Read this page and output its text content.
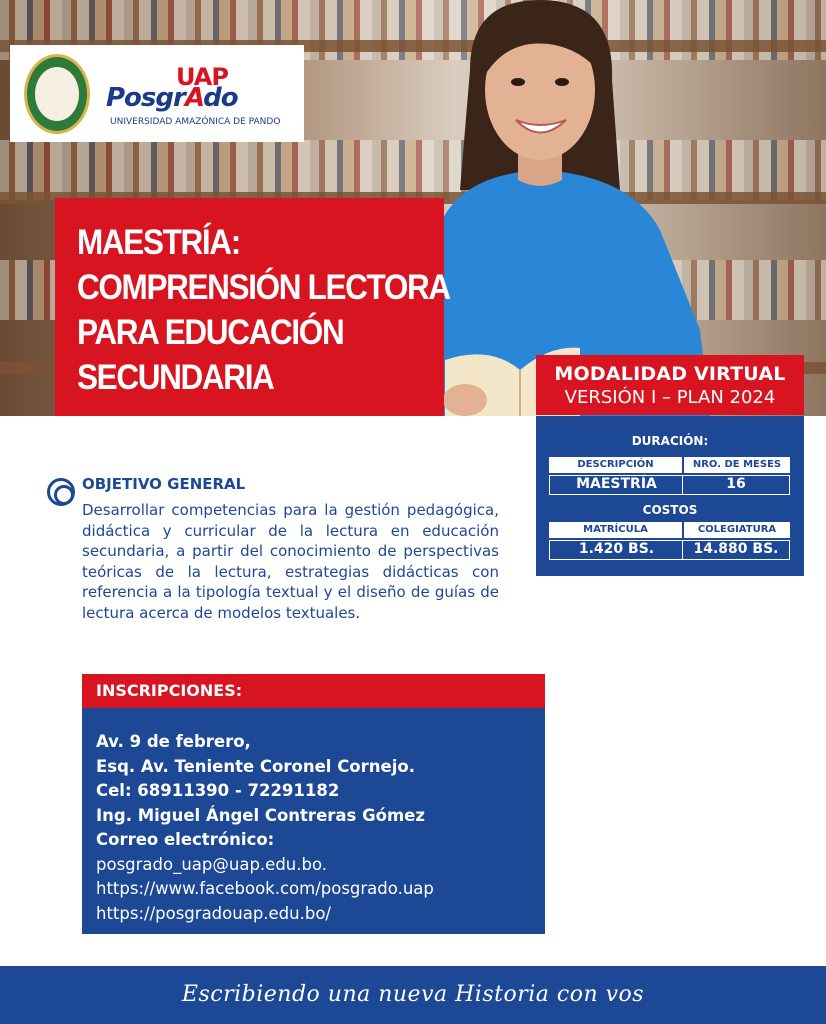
UAP
PosgrAdo
UNIVERSIDAD AMAZÓNICA DE PANDO
MAESTRÍA:
COMPRENSIÓN LECTORA
PARA EDUCACIÓN
SECUNDARIA	MODALIDAD VIRTUAL
VERSIÓN I – PLAN 2024
DURACIÓN:
DESCRIPCIÓN	NRO. DE MESES
MAESTRÍA	16
COSTOS
MATRÍCULA	COLEGIATURA
1.420 BS.	14.880 BS.
OBJETIVO GENERAL
Desarrollar competencias para la gestión pedagógica, didáctica y curricular de la lectura en educación secundaria, a partir del conocimiento de perspectivas teóricas de la lectura, estrategias didácticas con referencia a la tipología textual y el diseño de guías de lectura acerca de modelos textuales.
INSCRIPCIONES:
Av. 9 de febrero,
Esq. Av. Teniente Coronel Cornejo.
Cel: 68911390 - 72291182
Ing. Miguel Ángel Contreras Gómez
Correo electrónico:
posgrado_uap@uap.edu.bo.
https://www.facebook.com/posgrado.uap
https://posgradouap.edu.bo/
Escribiendo una nueva Historia con vos
